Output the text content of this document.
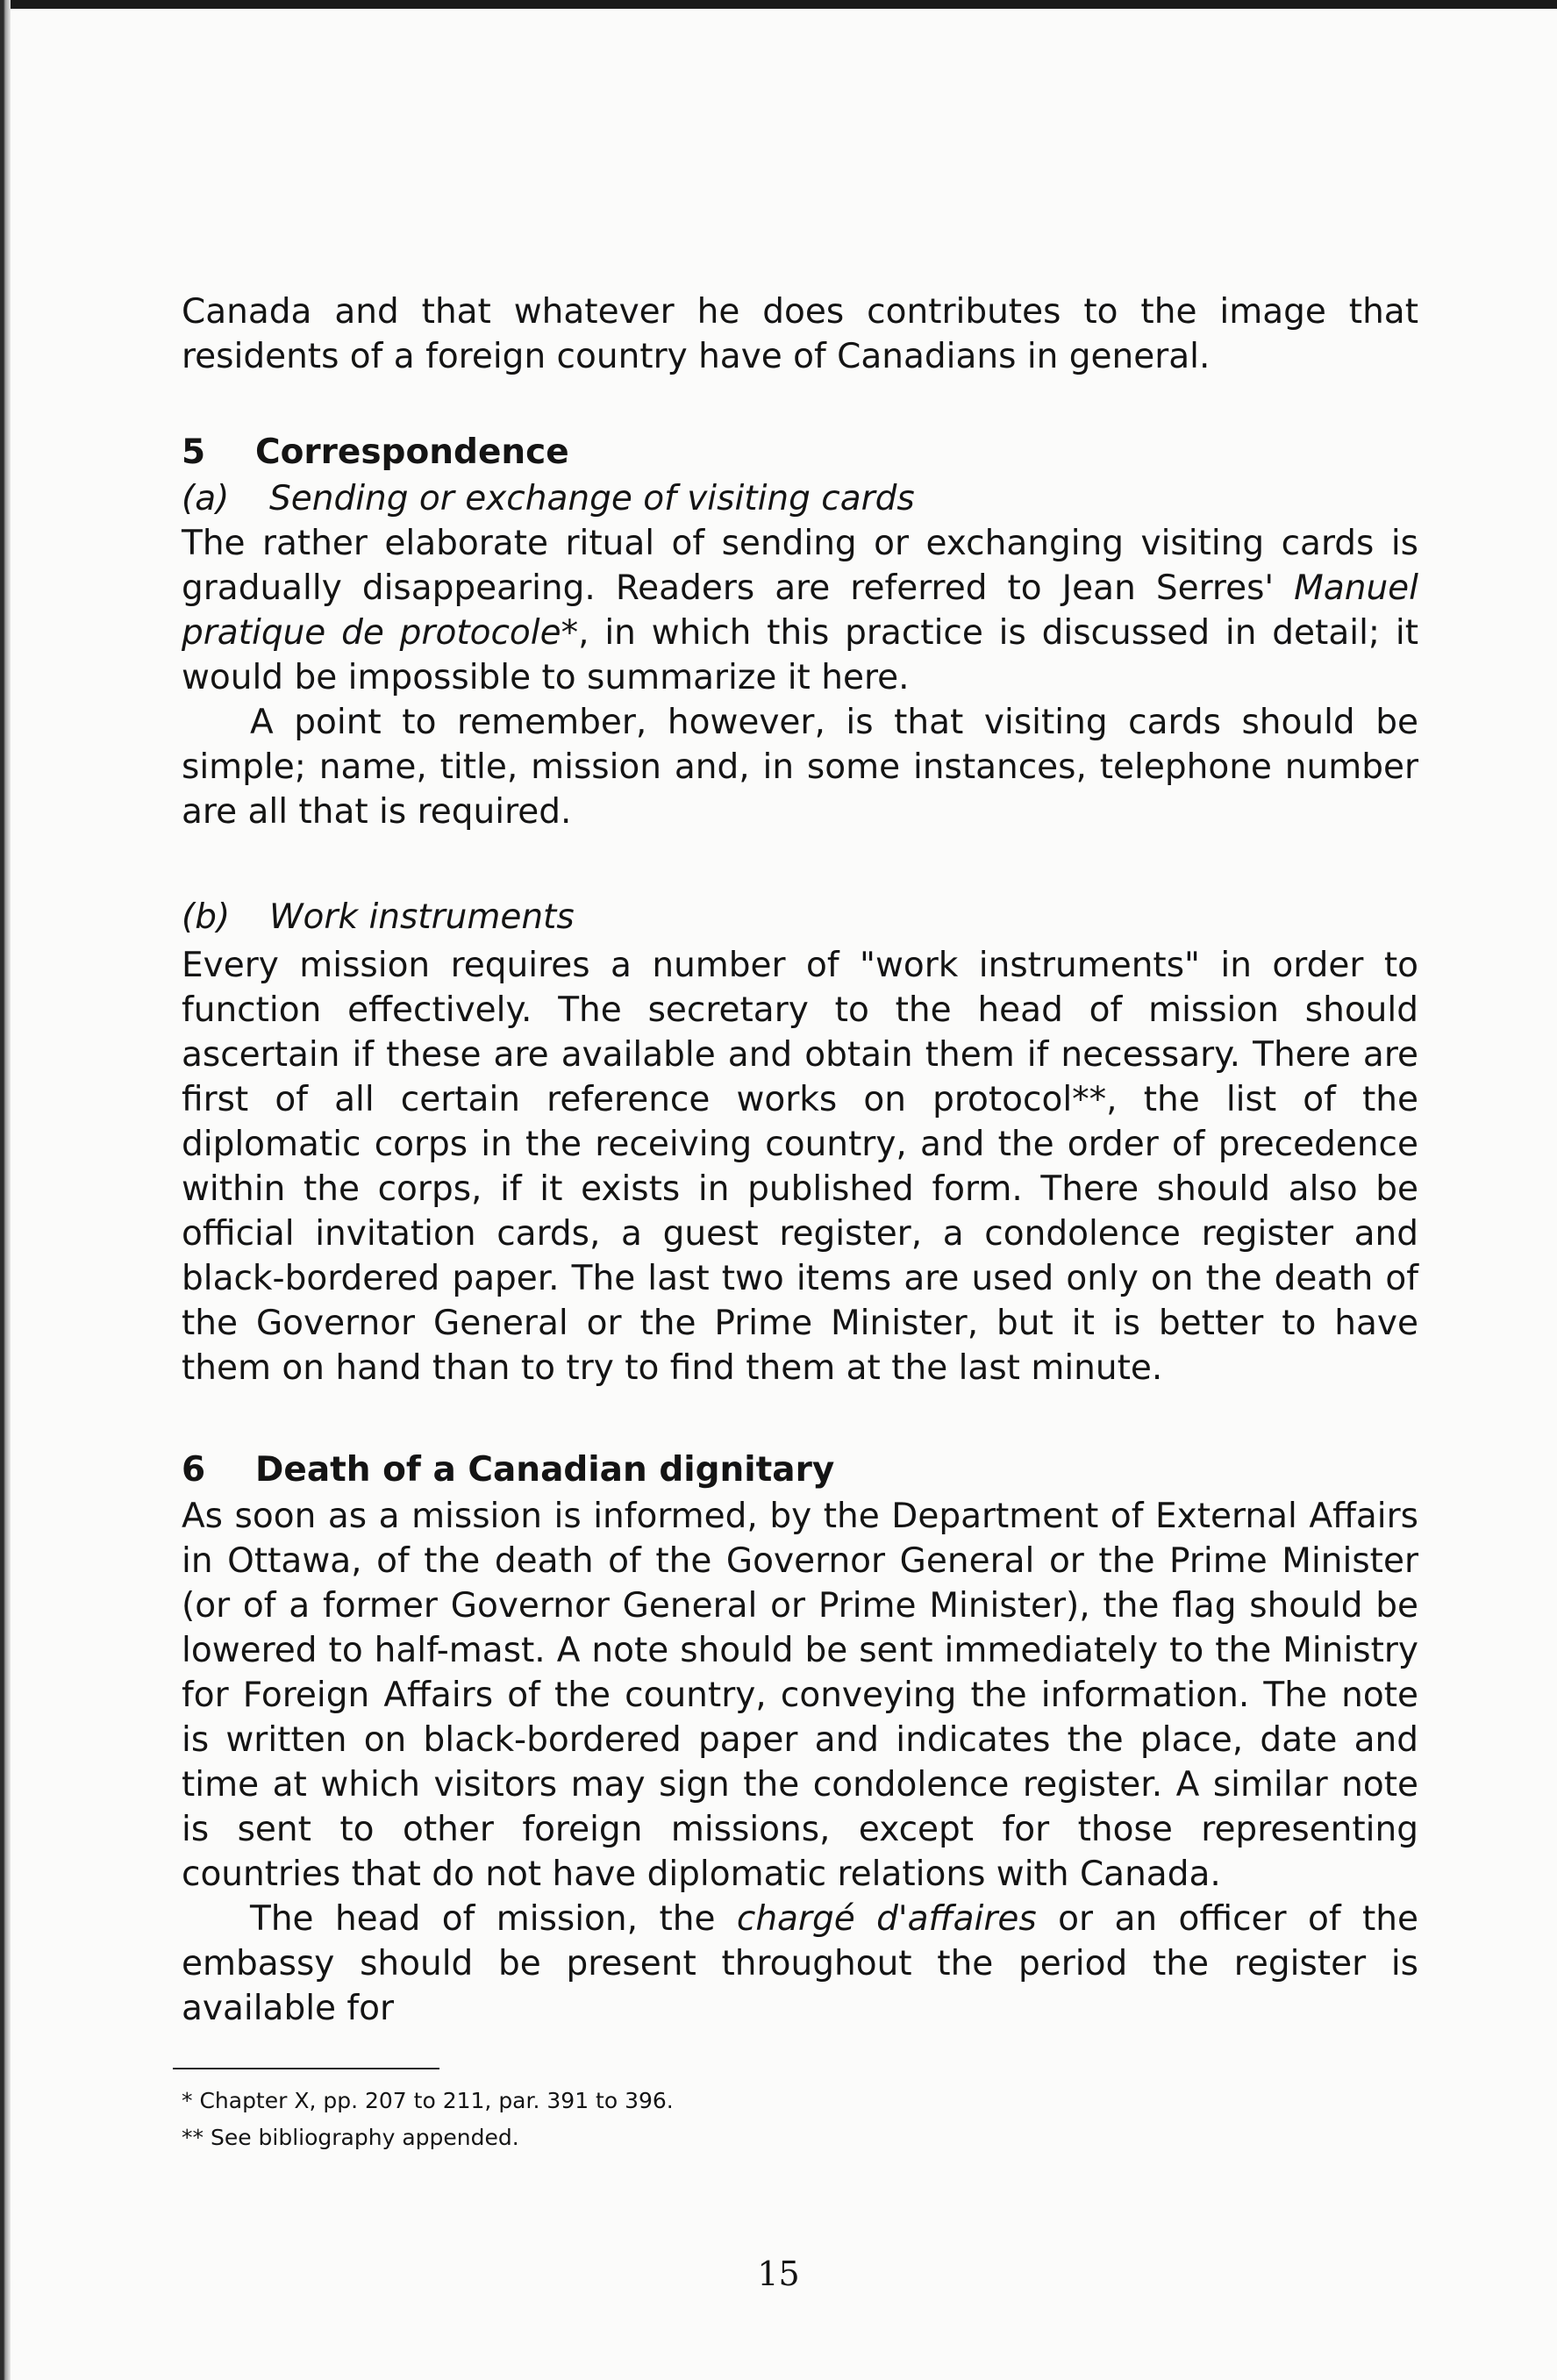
Canada and that whatever he does contributes to the image that residents of a foreign country have of Canadians in general.

5 Correspondence

(a) Sending or exchange of visiting cards

The rather elaborate ritual of sending or exchanging visiting cards is gradually disappearing. Readers are referred to Jean Serres' Manuel pratique de protocole*, in which this practice is discussed in detail; it would be impossible to summarize it here.

A point to remember, however, is that visiting cards should be simple; name, title, mission and, in some instances, telephone number are all that is required.

(b) Work instruments

Every mission requires a number of "work instruments" in order to function effectively. The secretary to the head of mission should ascertain if these are available and obtain them if necessary. There are first of all certain reference works on protocol**, the list of the diplomatic corps in the receiving country, and the order of precedence within the corps, if it exists in published form. There should also be official invitation cards, a guest register, a condolence register and black-bordered paper. The last two items are used only on the death of the Governor General or the Prime Minister, but it is better to have them on hand than to try to find them at the last minute.

6 Death of a Canadian dignitary

As soon as a mission is informed, by the Department of External Affairs in Ottawa, of the death of the Governor General or the Prime Minister (or of a former Governor General or Prime Minister), the flag should be lowered to half-mast. A note should be sent immediately to the Ministry for Foreign Affairs of the country, conveying the information. The note is written on black-bordered paper and indicates the place, date and time at which visitors may sign the condolence register. A similar note is sent to other foreign missions, except for those representing countries that do not have diplomatic relations with Canada.

The head of mission, the chargé d'affaires or an officer of the embassy should be present throughout the period the register is available for

* Chapter X, pp. 207 to 211, par. 391 to 396.

** See bibliography appended.

15
